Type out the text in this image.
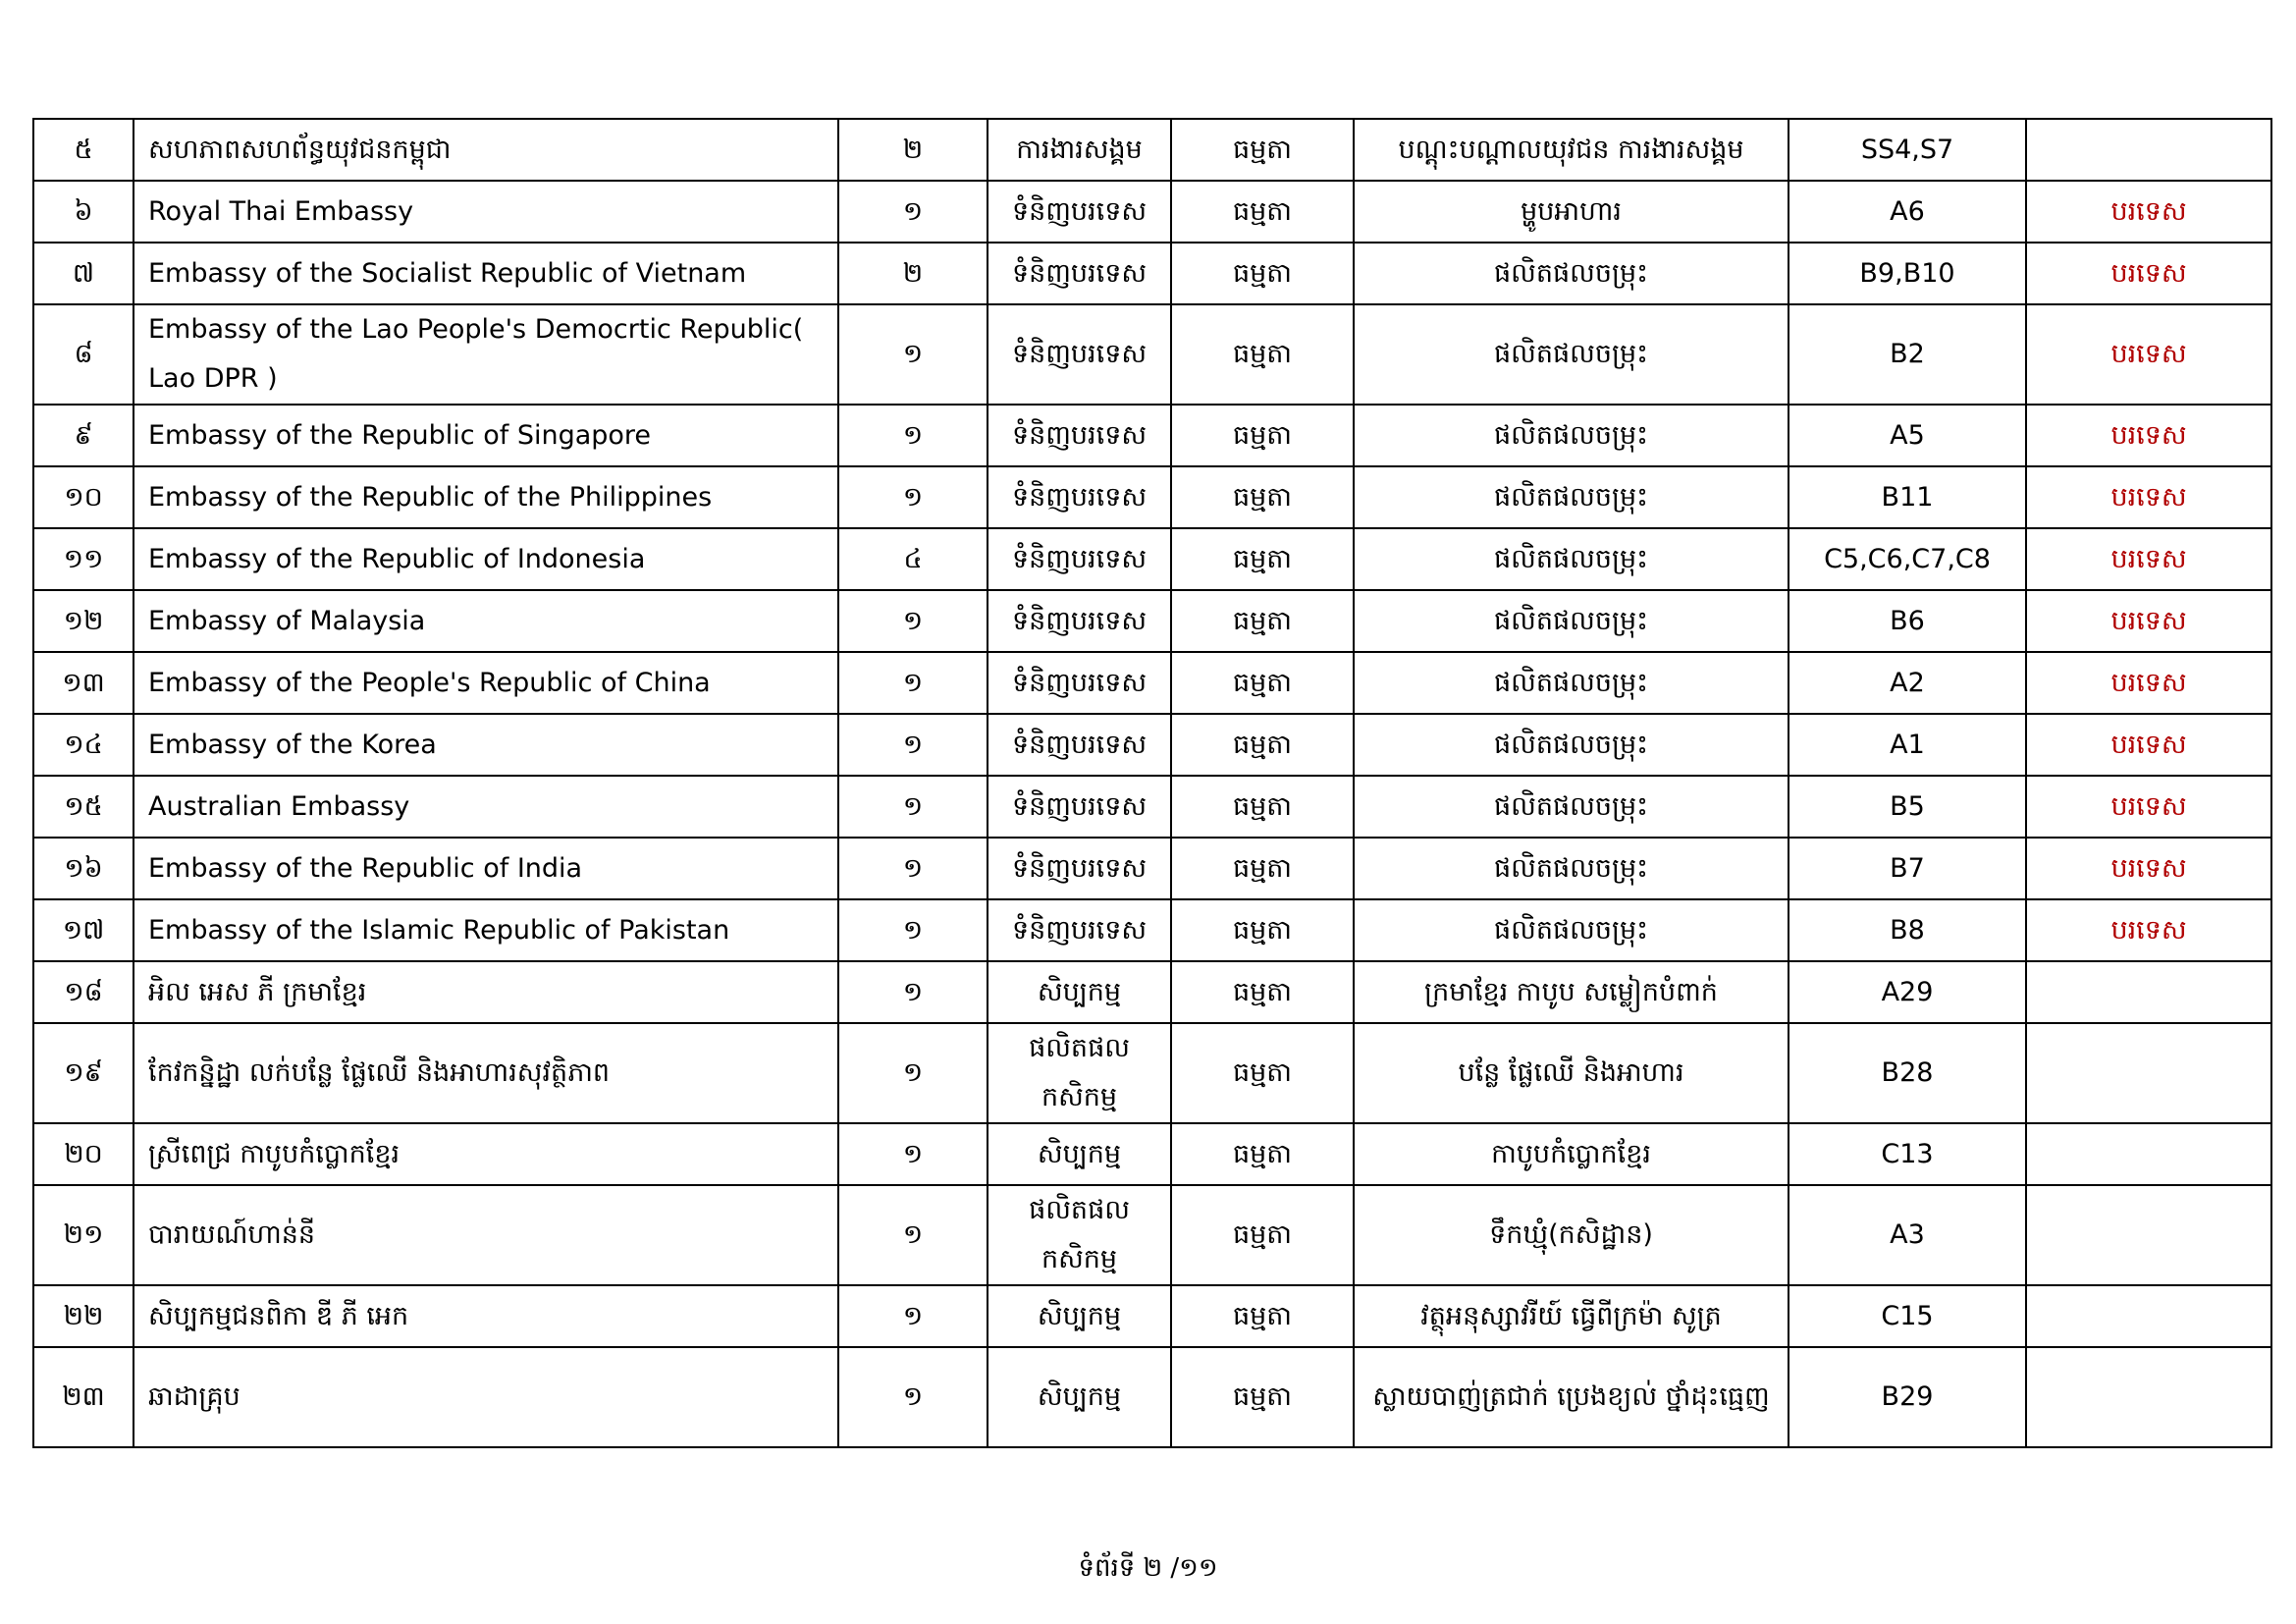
៥	សហភាពសហព័ន្ធយុវជនកម្ពុជា	២	ការងារសង្គម	ធម្មតា	បណ្តុះបណ្តាលយុវជន ការងារសង្គម	SS4,S7	
៦	Royal Thai Embassy	១	ទំនិញបរទេស	ធម្មតា	ម្ហូបអាហារ	A6	បរទេស
៧	Embassy of the Socialist Republic of Vietnam	២	ទំនិញបរទេស	ធម្មតា	ផលិតផលចម្រុះ	B9,B10	បរទេស
៨	Embassy of the Lao People's Democrtic Republic( Lao DPR )	១	ទំនិញបរទេស	ធម្មតា	ផលិតផលចម្រុះ	B2	បរទេស
៩	Embassy of the Republic of Singapore	១	ទំនិញបរទេស	ធម្មតា	ផលិតផលចម្រុះ	A5	បរទេស
១០	Embassy of the Republic of the Philippines	១	ទំនិញបរទេស	ធម្មតា	ផលិតផលចម្រុះ	B11	បរទេស
១១	Embassy of the Republic of Indonesia	៤	ទំនិញបរទេស	ធម្មតា	ផលិតផលចម្រុះ	C5,C6,C7,C8	បរទេស
១២	Embassy of Malaysia	១	ទំនិញបរទេស	ធម្មតា	ផលិតផលចម្រុះ	B6	បរទេស
១៣	Embassy of the People's Republic of China	១	ទំនិញបរទេស	ធម្មតា	ផលិតផលចម្រុះ	A2	បរទេស
១៤	Embassy of the Korea	១	ទំនិញបរទេស	ធម្មតា	ផលិតផលចម្រុះ	A1	បរទេស
១៥	Australian Embassy	១	ទំនិញបរទេស	ធម្មតា	ផលិតផលចម្រុះ	B5	បរទេស
១៦	Embassy of the Republic of India	១	ទំនិញបរទេស	ធម្មតា	ផលិតផលចម្រុះ	B7	បរទេស
១៧	Embassy of the Islamic Republic of Pakistan	១	ទំនិញបរទេស	ធម្មតា	ផលិតផលចម្រុះ	B8	បរទេស
១៨	អិល អេស ភី ក្រមាខ្មែរ	១	សិប្បកម្ម	ធម្មតា	ក្រមាខ្មែរ កាបូប សម្លៀកបំពាក់	A29	
១៩	កែវកន្និដ្ឋា លក់បន្លែ ផ្លែឈើ និងអាហារសុវត្ថិភាព	១	ផលិតផល កសិកម្ម	ធម្មតា	បន្លែ ផ្លែឈើ និងអាហារ	B28	
២០	ស្រីពេជ្រ កាបូបកំប្លោកខ្មែរ	១	សិប្បកម្ម	ធម្មតា	កាបូបកំប្លោកខ្មែរ	C13	
២១	បារាយណ៍ហាន់នី	១	ផលិតផល កសិកម្ម	ធម្មតា	ទឹកឃ្មុំ(កសិដ្ឋាន)	A3	
២២	សិប្បកម្មជនពិកា ឌី ភី អេក	១	សិប្បកម្ម	ធម្មតា	វត្ថុអនុស្សាវរីយ៍ ធ្វើពីក្រម៉ា សូត្រ	C15	
២៣	ឆាដាគ្រុប	១	សិប្បកម្ម	ធម្មតា	ស្លាយបាញ់ត្រជាក់ ប្រេងខ្យល់ ថ្នាំដុះធ្មេញ	B29	
ទំព័រទី ២ /១១
